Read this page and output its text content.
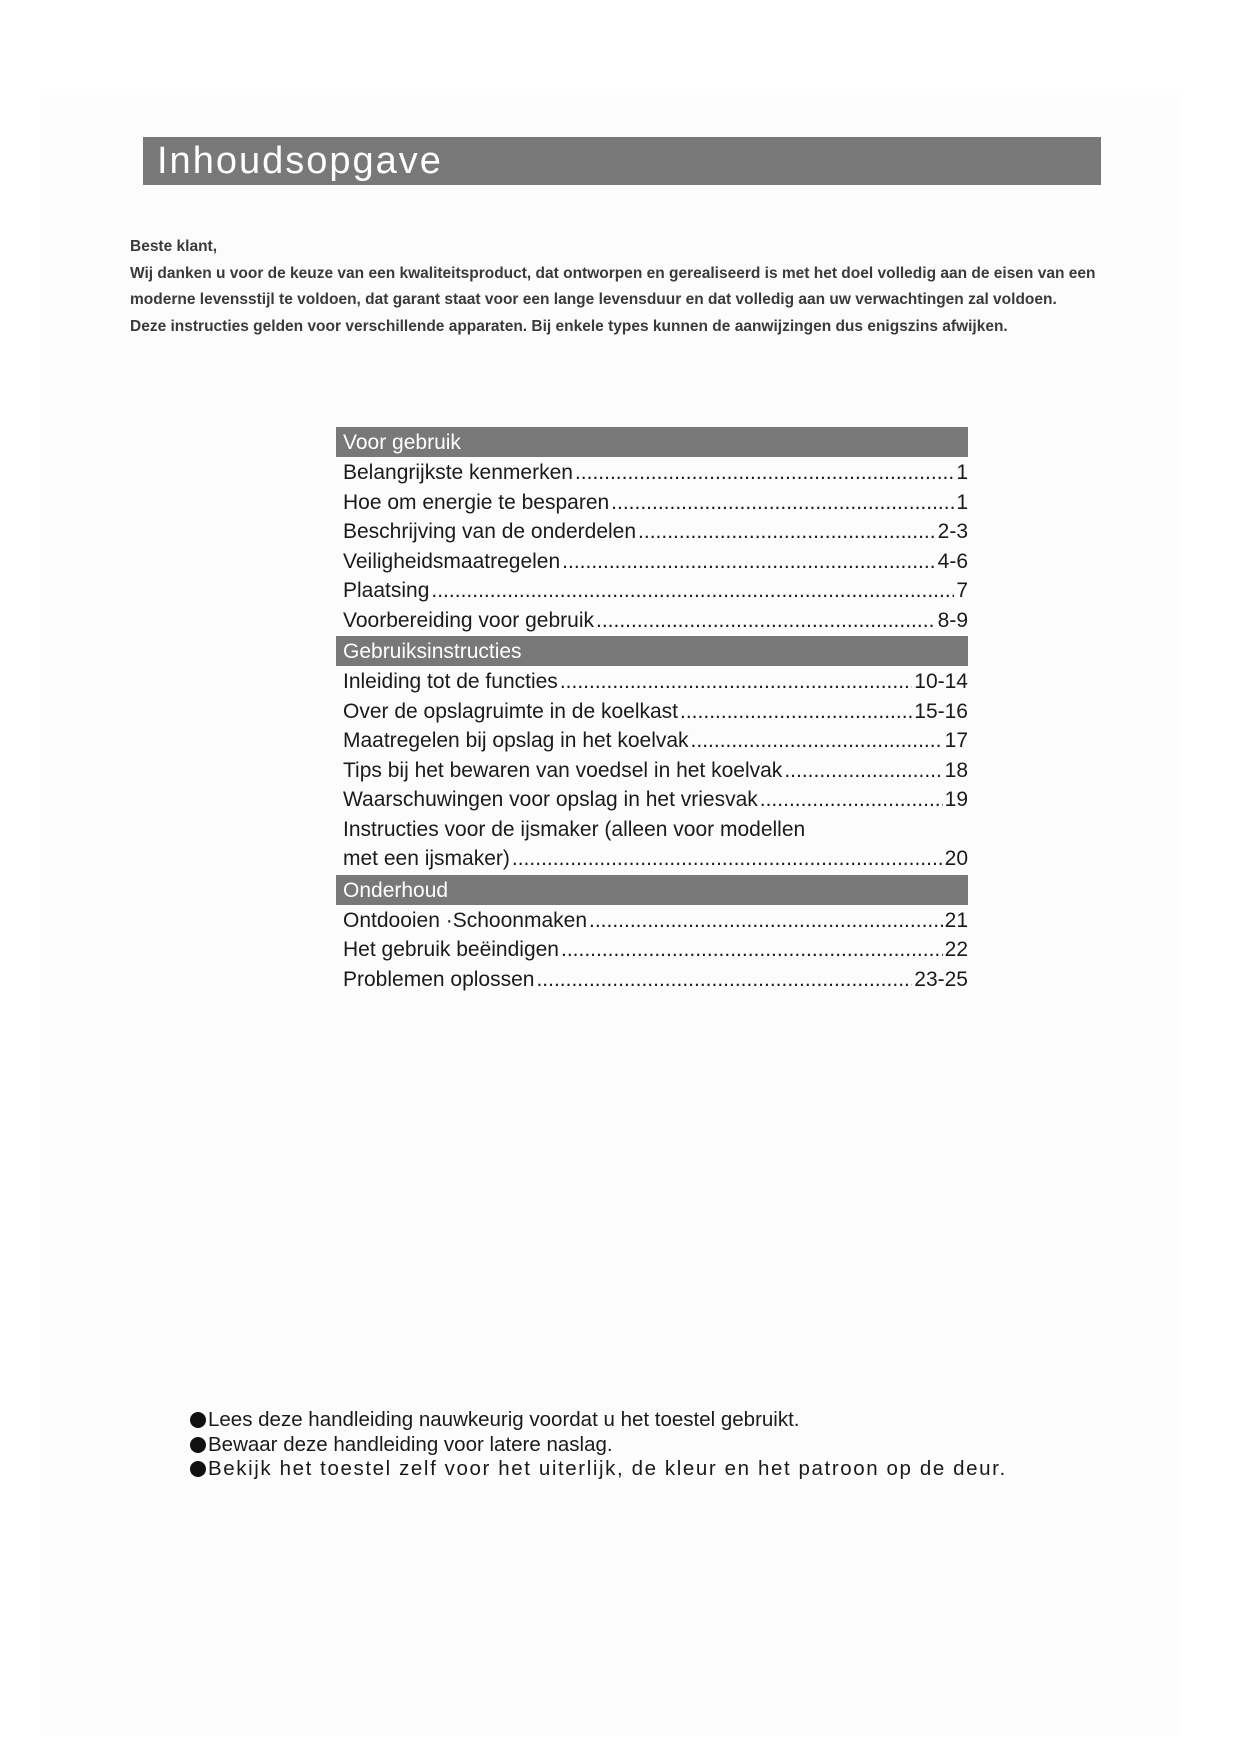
Inhoudsopgave

Beste klant,

Wij danken u voor de keuze van een kwaliteitsproduct, dat ontworpen en gerealiseerd is met het doel volledig aan de eisen van een

moderne levensstijl te voldoen, dat garant staat voor een lange levensduur en dat volledig aan uw verwachtingen zal voldoen.

Deze instructies gelden voor verschillende apparaten. Bij enkele types kunnen de aanwijzingen dus enigszins afwijken.

Voor gebruik
Belangrijkste kenmerken .....	1
Hoe om energie te besparen .....	1
Beschrijving van de onderdelen .....	2-3
Veiligheidsmaatregelen .....	4-6
Plaatsing .....	7
Voorbereiding voor gebruik .....	8-9
Gebruiksinstructies
Inleiding tot de functies .....	10-14
Over de opslagruimte in de koelkast .....	15-16
Maatregelen bij opslag in het koelvak .....	17
Tips bij het bewaren van voedsel in het koelvak .....	18
Waarschuwingen voor opslag in het vriesvak .....	19
Instructies voor de ijsmaker (alleen voor modellen
met een ijsmaker) .....	20
Onderhoud
Ontdooien ·Schoonmaken .....	21
Het gebruik beëindigen .....	22
Problemen oplossen .....	23-25
Lees deze handleiding nauwkeurig voordat u het toestel gebruikt.
Bewaar deze handleiding voor latere naslag.
Bekijk het toestel zelf voor het uiterlijk, de kleur en het patroon op de deur.
